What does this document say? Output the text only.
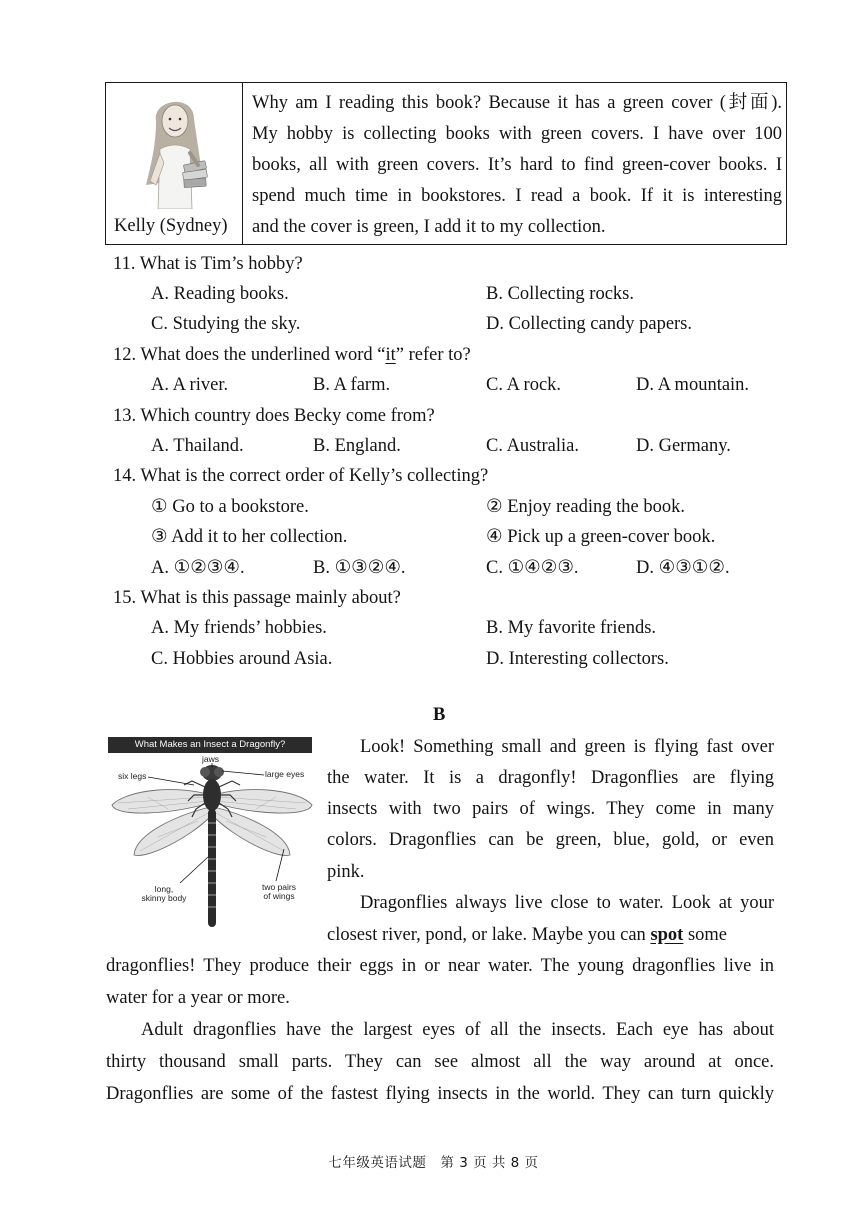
Kelly (Sydney)
Why am I reading this book? Because it has a green cover (封面).
My hobby is collecting books with green covers. I have over 100
books, all with green covers. It’s hard to find green-cover books. I
spend much time in bookstores. I read a book. If it is interesting
and the cover is green, I add it to my collection.
11. What is Tim’s hobby?
A. Reading books.	B. Collecting rocks.
C. Studying the sky.	D. Collecting candy papers.
12. What does the underlined word “it” refer to?
A. A river.	B. A farm.	C. A rock.	D. A mountain.
13. Which country does Becky come from?
A. Thailand.	B. England.	C. Australia.	D. Germany.
14. What is the correct order of Kelly’s collecting?
① Go to a bookstore.	② Enjoy reading the book.
③ Add it to her collection.	④ Pick up a green-cover book.
A. ①②③④.	B. ①③②④.	C. ①④②③.	D. ④③①②.
15. What is this passage mainly about?
A. My friends’ hobbies.	B. My favorite friends.
C. Hobbies around Asia.	D. Interesting collectors.
B
What Makes an Insect a Dragonfly?
jaws
six legs	large eyes
long,
skinny body
two pairs
of wings
Look! Something small and green is flying fast over
the water. It is a dragonfly! Dragonflies are flying
insects with two pairs of wings. They come in many
colors. Dragonflies can be green, blue, gold, or even
pink.
Dragonflies always live close to water. Look at your
closest river, pond, or lake. Maybe you can spot some
dragonflies! They produce their eggs in or near water. The young dragonflies live in
water for a year or more.
Adult dragonflies have the largest eyes of all the insects. Each eye has about
thirty thousand small parts. They can see almost all the way around at once.
Dragonflies are some of the fastest flying insects in the world. They can turn quickly
七年级英语试题　第 3 页 共 8 页
